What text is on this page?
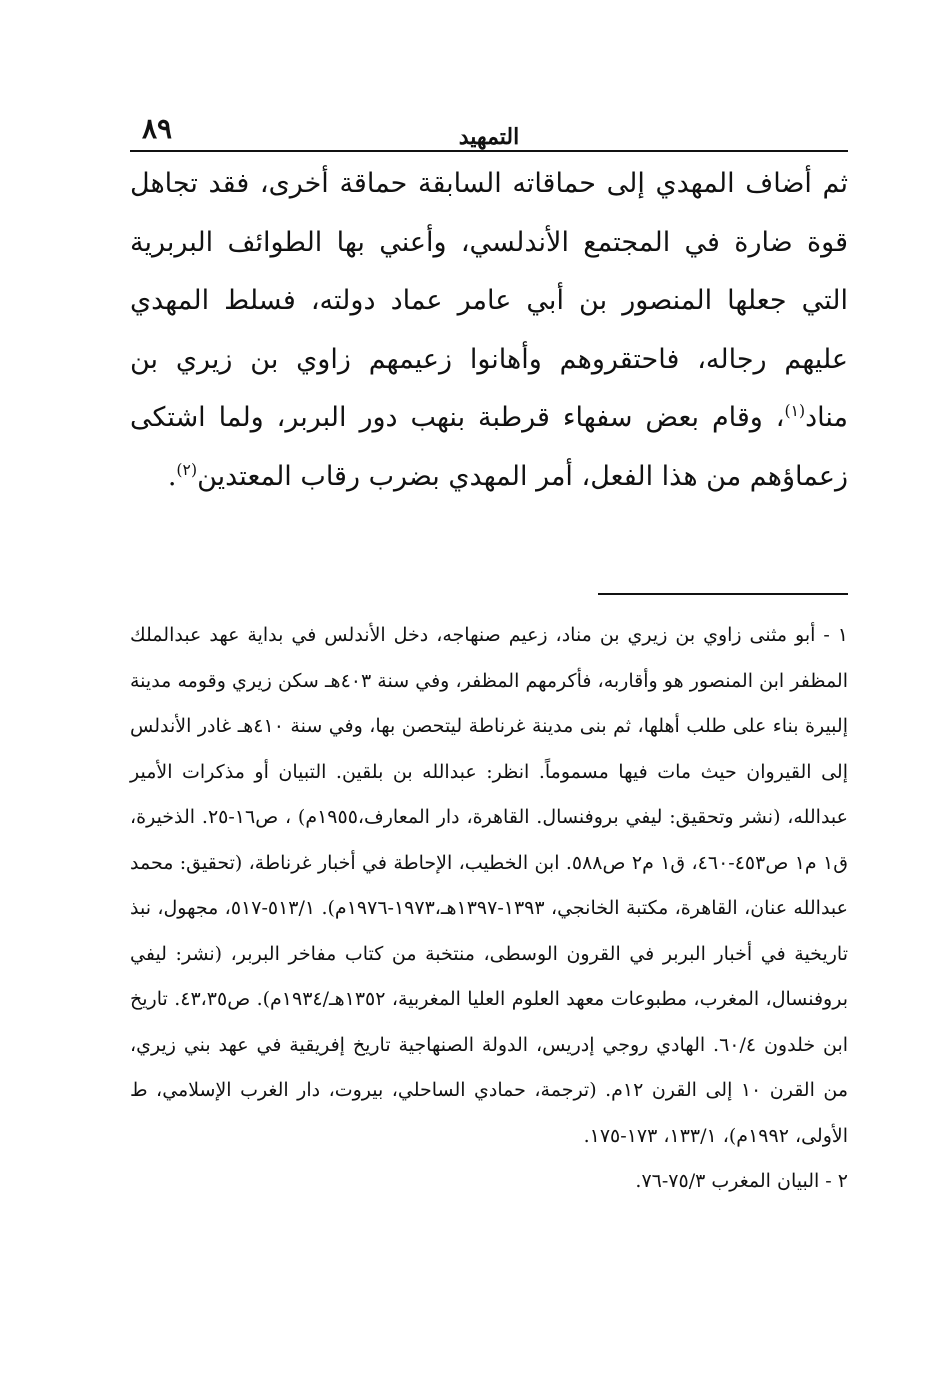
٨٩	التمهيد

ثم أضاف المهدي إلى حماقاته السابقة حماقة أخرى، فقد تجاهل قوة ضارة في المجتمع الأندلسي، وأعني بها الطوائف البربرية التي جعلها المنصور بن أبي عامر عماد دولته، فسلط المهدي عليهم رجاله، فاحتقروهم وأهانوا زعيمهم زاوي بن زيري بن مناد$^{(١)}$، وقام بعض سفهاء قرطبة بنهب دور البربر، ولما اشتكى زعماؤهم من هذا الفعل، أمر المهدي بضرب رقاب المعتدين$^{(٢)}$.

١ - أبو مثنى زاوي بن زيري بن مناد، زعيم صنهاجه، دخل الأندلس في بداية عهد عبدالملك المظفر ابن المنصور هو وأقاربه، فأكرمهم المظفر، وفي سنة ٤٠٣هـ سكن زيري وقومه مدينة إلبيرة بناء على طلب أهلها، ثم بنى مدينة غرناطة ليتحصن بها، وفي سنة ٤١٠هـ غادر الأندلس إلى القيروان حيث مات فيها مسموماً. انظر: عبدالله بن بلقين. التبيان أو مذكرات الأمير عبدالله، (نشر وتحقيق: ليفي بروفنسال. القاهرة، دار المعارف،١٩٥٥م) ، ص١٦-٢٥. الذخيرة، ق١ م١ ص٤٥٣-٤٦٠، ق١ م٢ ص٥٨٨. ابن الخطيب، الإحاطة في أخبار غرناطة، (تحقيق: محمد عبدالله عنان، القاهرة، مكتبة الخانجي، ١٣٩٣-١٣٩٧هـ،١٩٧٣-١٩٧٦م). ٥١٣/١-٥١٧، مجهول، نبذ تاريخية في أخبار البربر في القرون الوسطى، منتخبة من كتاب مفاخر البربر، (نشر: ليفي بروفنسال، المغرب، مطبوعات معهد العلوم العليا المغربية، ١٣٥٢هـ/١٩٣٤م). ص٤٣،٣٥. تاريخ ابن خلدون ٦٠/٤. الهادي روجي إدريس، الدولة الصنهاجية تاريخ إفريقية في عهد بني زيري، من القرن ١٠ إلى القرن ١٢م. (ترجمة، حمادي الساحلي، بيروت، دار الغرب الإسلامي، ط الأولى، ١٩٩٢م)، ١٣٣/١، ١٧٣-١٧٥.

٢ - البيان المغرب ٧٥/٣-٧٦.
